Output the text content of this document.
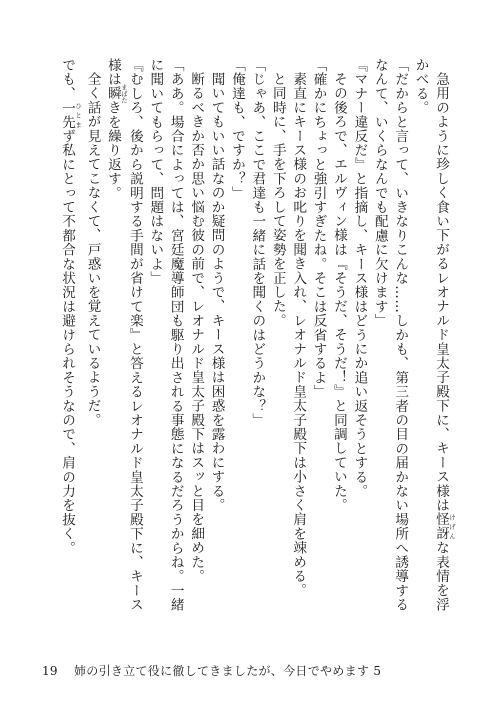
急用のように珍しく食い下がるレオナルド皇太子殿下に、キース様は怪訝 けげんな表情を浮かべる。

「だからと言って、いきなりこんな……しかも、第三者の目の届かない場所へ誘導するなんて、いくらなんでも配慮に欠けます」

『マナー違反だ』と指摘し、キース様はどうにか追い返そうとする。

その後ろで、エルヴィン様は『そうだ、そうだ！』と同調していた。

「確かにちょっと強引すぎたね。そこは反省するよ」

素直にキース様のお叱りを聞き入れ、レオナルド皇太子殿下は小さく肩を竦める。

と同時に、手を下ろして姿勢を正した。

「じゃあ、ここで君達も一緒に話を聞くのはどうかな？」

「俺達も、ですか？」

聞いてもいい話なのか疑問のようで、キース様は困惑を露わにする。

断るべきか否か思い悩む彼の前で、レオナルド皇太子殿下はスッと目を細めた。

「ああ。場合によっては、宮廷魔導師団も駆り出される事態になるだろうからね。一緒に聞いてもらって、問題はないよ」

『むしろ、後から説明する手間が省けて楽』と答えるレオナルド皇太子殿下に、キース様は瞬 まばたきを繰り返す。

全く話が見えてこなくて、戸惑いを覚えているようだ。

でも、一先 ひとまず私にとって不都合な状況は避けられそうなので、肩の力を抜く。

19 姉の引き立て役に徹してきましたが、今日でやめます 5
